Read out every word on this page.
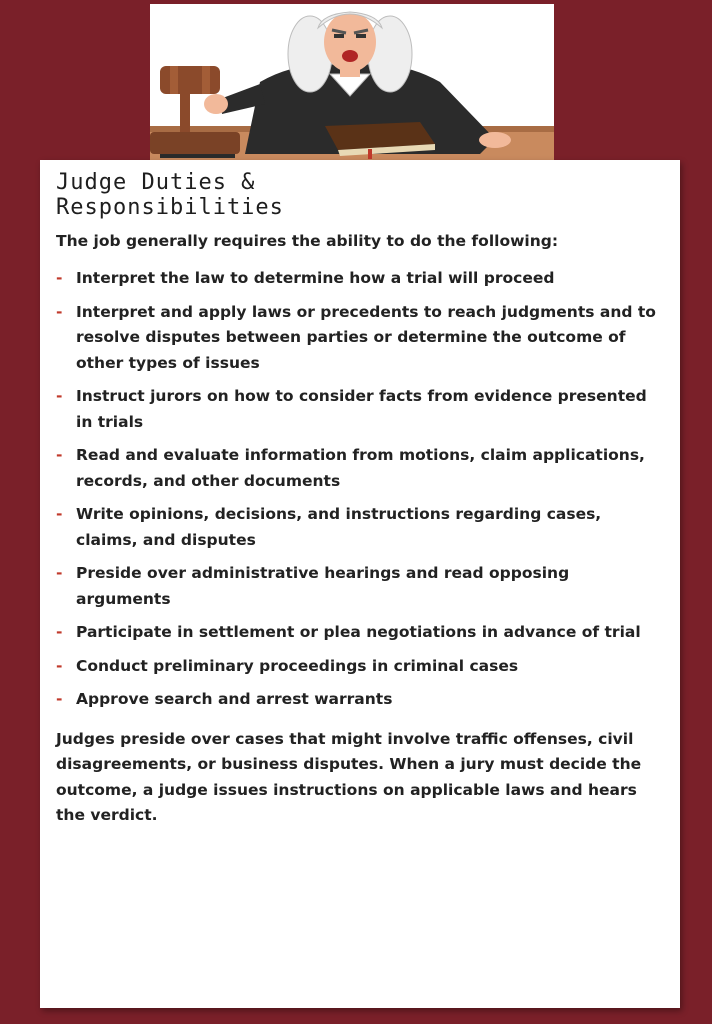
Judge Duties & Responsibilities
The job generally requires the ability to do the following:
- Interpret the law to determine how a trial will proceed
- Interpret and apply laws or precedents to reach judgments and to resolve disputes between parties or determine the outcome of other types of issues
- Instruct jurors on how to consider facts from evidence presented in trials
- Read and evaluate information from motions, claim applications, records, and other documents
- Write opinions, decisions, and instructions regarding cases, claims, and disputes
- Preside over administrative hearings and read opposing arguments
- Participate in settlement or plea negotiations in advance of trial
- Conduct preliminary proceedings in criminal cases
- Approve search and arrest warrants
Judges preside over cases that might involve traffic offenses, civil disagreements, or business disputes. When a jury must decide the outcome, a judge issues instructions on applicable laws and hears the verdict.
